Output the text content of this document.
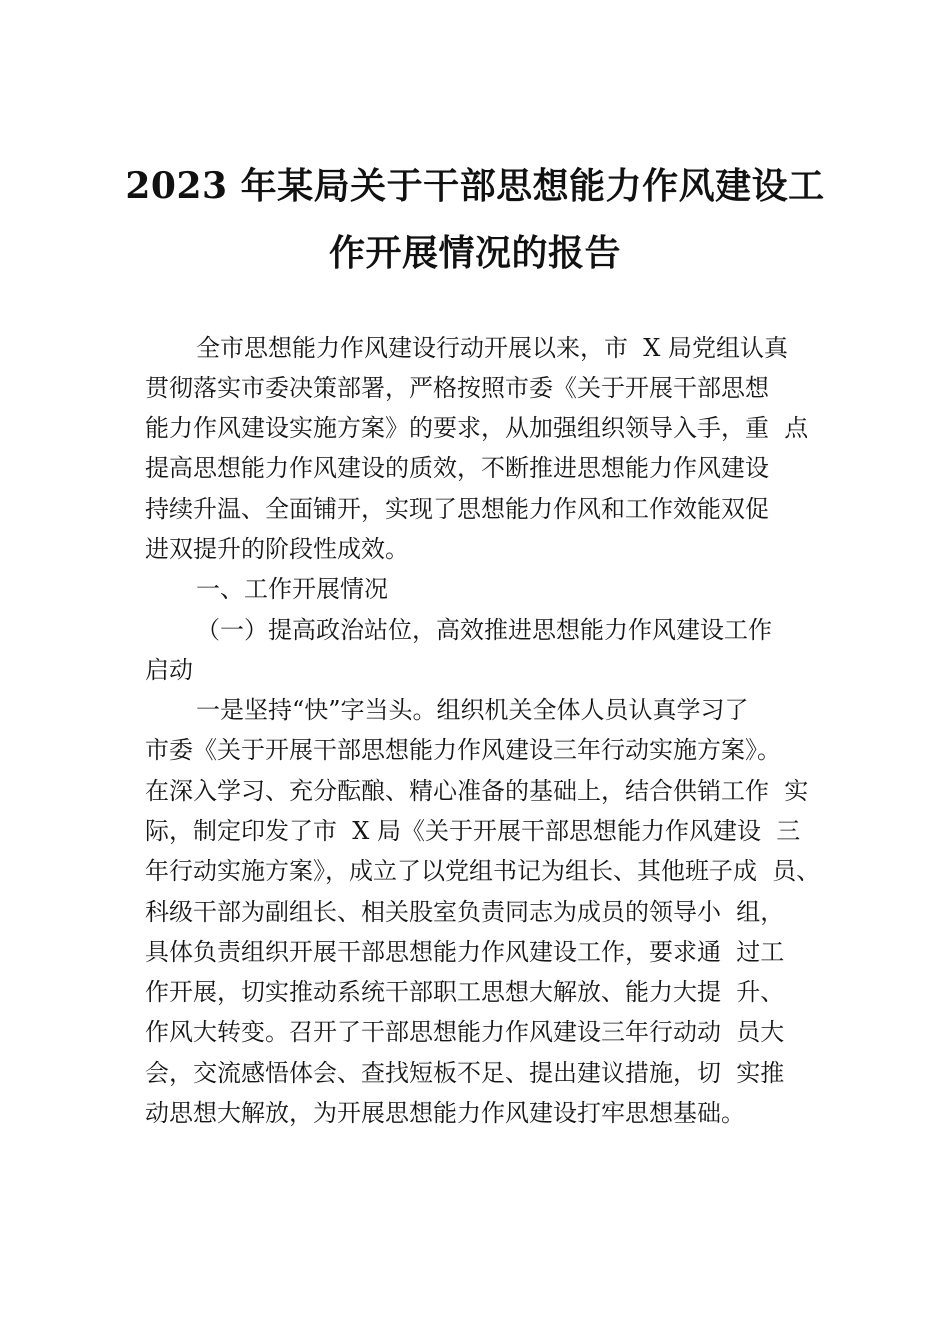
2023 年某局关于干部思想能力作风建设工
作开展情况的报告
全市思想能力作风建设行动开展以来，市  X 局党组认真
贯彻落实市委决策部署，严格按照市委《关于开展干部思想
能力作风建设实施方案》的要求，从加强组织领导入手，重  点
提高思想能力作风建设的质效，不断推进思想能力作风建设
持续升温、全面铺开，实现了思想能力作风和工作效能双促
进双提升的阶段性成效。
一、工作开展情况
（一）提高政治站位，高效推进思想能力作风建设工作
启动
一是坚持“快”字当头。组织机关全体人员认真学习了
市委《关于开展干部思想能力作风建设三年行动实施方案》。
在深入学习、充分酝酿、精心准备的基础上，结合供销工作  实
际，制定印发了市  X 局《关于开展干部思想能力作风建设  三
年行动实施方案》，成立了以党组书记为组长、其他班子成  员、
科级干部为副组长、相关股室负责同志为成员的领导小  组，
具体负责组织开展干部思想能力作风建设工作，要求通  过工
作开展，切实推动系统干部职工思想大解放、能力大提  升、
作风大转变。召开了干部思想能力作风建设三年行动动  员大
会，交流感悟体会、查找短板不足、提出建议措施，切  实推
动思想大解放，为开展思想能力作风建设打牢思想基础。
